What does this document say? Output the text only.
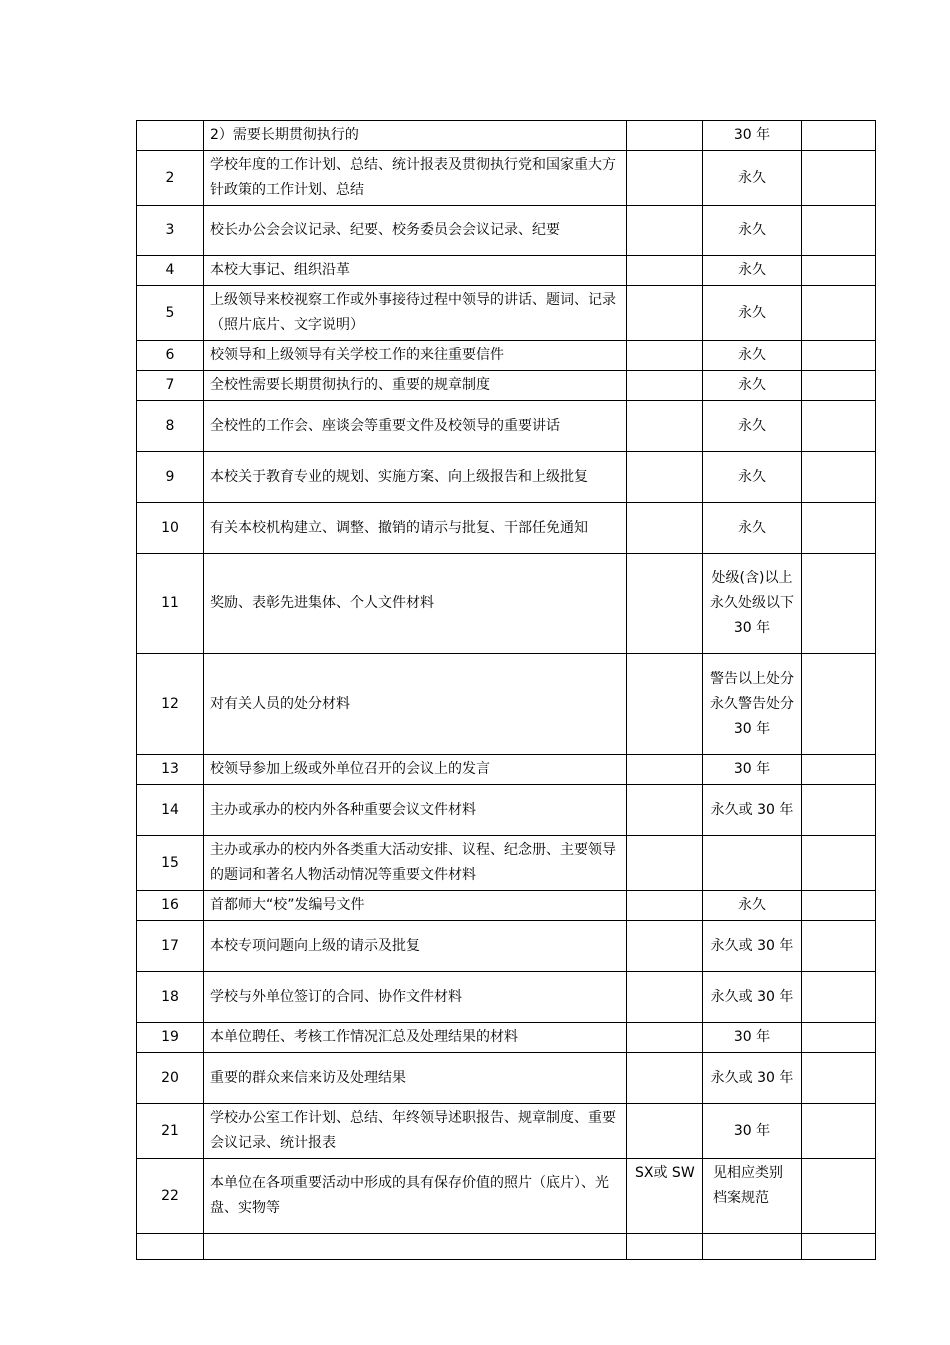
	2）需要长期贯彻执行的		30 年	
2	学校年度的工作计划、总结、统计报表及贯彻执行党和国家重大方针政策的工作计划、总结		永久	
3	校长办公会会议记录、纪要、校务委员会会议记录、纪要		永久	
4	本校大事记、组织沿革		永久	
5	上级领导来校视察工作或外事接待过程中领导的讲话、题词、记录（照片底片、文字说明）		永久	
6	校领导和上级领导有关学校工作的来往重要信件		永久	
7	全校性需要长期贯彻执行的、重要的规章制度		永久	
8	全校性的工作会、座谈会等重要文件及校领导的重要讲话		永久	
9	本校关于教育专业的规划、实施方案、向上级报告和上级批复		永久	
10	有关本校机构建立、调整、撤销的请示与批复、干部任免通知		永久	
11	奖励、表彰先进集体、个人文件材料		处级(含)以上永久处级以下30 年	
12	对有关人员的处分材料		警告以上处分永久警告处分30 年	
13	校领导参加上级或外单位召开的会议上的发言		30 年	
14	主办或承办的校内外各种重要会议文件材料		永久或 30 年	
15	主办或承办的校内外各类重大活动安排、议程、纪念册、主要领导的题词和著名人物活动情况等重要文件材料			
16	首都师大“校”发编号文件		永久	
17	本校专项问题向上级的请示及批复		永久或 30 年	
18	学校与外单位签订的合同、协作文件材料		永久或 30 年	
19	本单位聘任、考核工作情况汇总及处理结果的材料		30 年	
20	重要的群众来信来访及处理结果		永久或 30 年	
21	学校办公室工作计划、总结、年终领导述职报告、规章制度、重要会议记录、统计报表		30 年	
22	本单位在各项重要活动中形成的具有保存价值的照片（底片）、光盘、实物等	SX或 SW	见相应类别档案规范	
